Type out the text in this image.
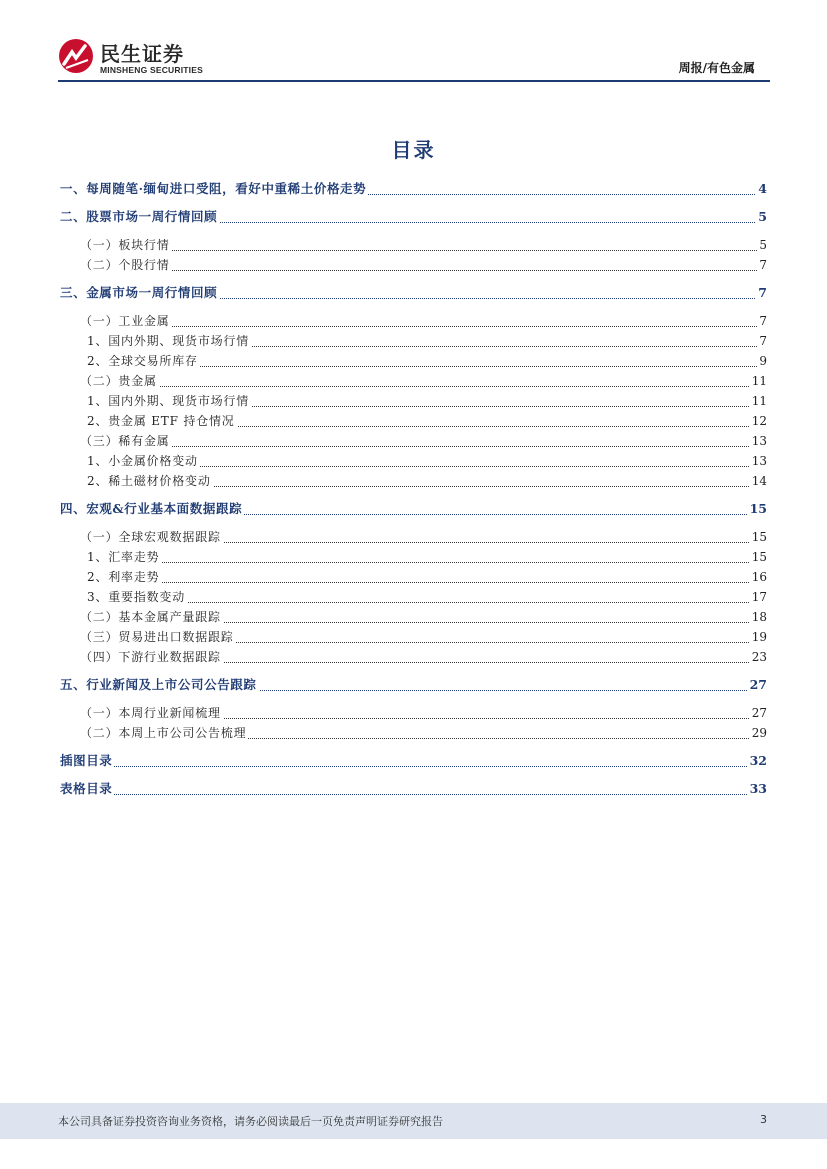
民生证券
MINSHENG SECURITIES	周报/有色金属
目录
一、每周随笔·缅甸进口受阻，看好中重稀土价格走势	4
二、股票市场一周行情回顾	5
（一）板块行情	5
（二）个股行情	7
三、金属市场一周行情回顾	7
（一）工业金属	7
1、国内外期、现货市场行情	7
2、全球交易所库存	9
（二）贵金属	11
1、国内外期、现货市场行情	11
2、贵金属 ETF 持仓情况	12
（三）稀有金属	13
1、小金属价格变动	13
2、稀土磁材价格变动	14
四、宏观&行业基本面数据跟踪	15
（一）全球宏观数据跟踪	15
1、汇率走势	15
2、利率走势	16
3、重要指数变动	17
（二）基本金属产量跟踪	18
（三）贸易进出口数据跟踪	19
（四）下游行业数据跟踪	23
五、行业新闻及上市公司公告跟踪	27
（一）本周行业新闻梳理	27
（二）本周上市公司公告梳理	29
插图目录	32
表格目录	33
本公司具备证券投资咨询业务资格，请务必阅读最后一页免责声明证券研究报告	3
